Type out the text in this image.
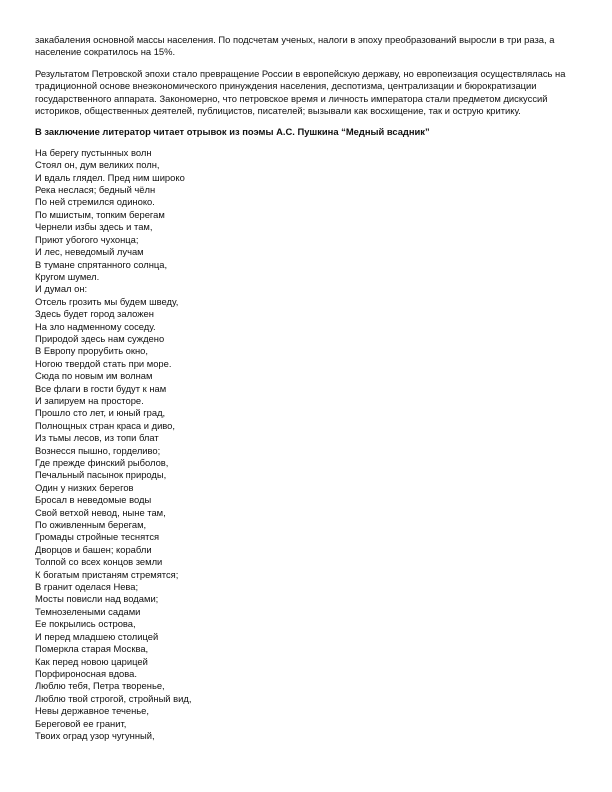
закабаления основной массы населения. По подсчетам ученых, налоги в эпоху преобразований выросли в три раза, а население сократилось на 15%.

Результатом Петровской эпохи стало превращение России в европейскую державу, но европеизация осуществлялась на традиционной основе внеэкономического принуждения населения, деспотизма, централизации и бюрократизации государственного аппарата. Закономерно, что петровское время и личность императора стали предметом дискуссий историков, общественных деятелей, публицистов, писателей; вызывали как восхищение, так и острую критику.

В заключение литератор читает отрывок из поэмы А.С. Пушкина “Медный всадник”

На берегу пустынных волн
Стоял он, дум великих полн,
И вдаль глядел. Пред ним широко
Река неслася; бедный чёлн
По ней стремился одиноко.
По мшистым, топким берегам
Чернели избы здесь и там,
Приют убогого чухонца;
И лес, неведомый лучам
В тумане спрятанного солнца,
Кругом шумел.
И думал он:
Отсель грозить мы будем шведу,
Здесь будет город заложен
На зло надменному соседу.
Природой здесь нам суждено
В Европу прорубить окно,
Ногою твердой стать при море.
Сюда по новым им волнам
Все флаги в гости будут к нам
И запируем на просторе.
Прошло сто лет, и юный град,
Полнощных стран краса и диво,
Из тьмы лесов, из топи блат
Вознесся пышно, горделиво;
Где прежде финский рыболов,
Печальный пасынок природы,
Один у низких берегов
Бросал в неведомые воды
Свой ветхой невод, ныне там,
По оживленным берегам,
Громады стройные теснятся
Дворцов и башен; корабли
Толпой со всех концов земли
К богатым пристаням стремятся;
В гранит оделася Нева;
Мосты повисли над водами;
Темнозелеными садами
Ее покрылись острова,
И перед младшею столицей
Померкла старая Москва,
Как перед новою царицей
Порфироносная вдова.
Люблю тебя, Петра творенье,
Люблю твой строгой, стройный вид,
Невы державное теченье,
Береговой ее гранит,
Твоих оград узор чугунный,
